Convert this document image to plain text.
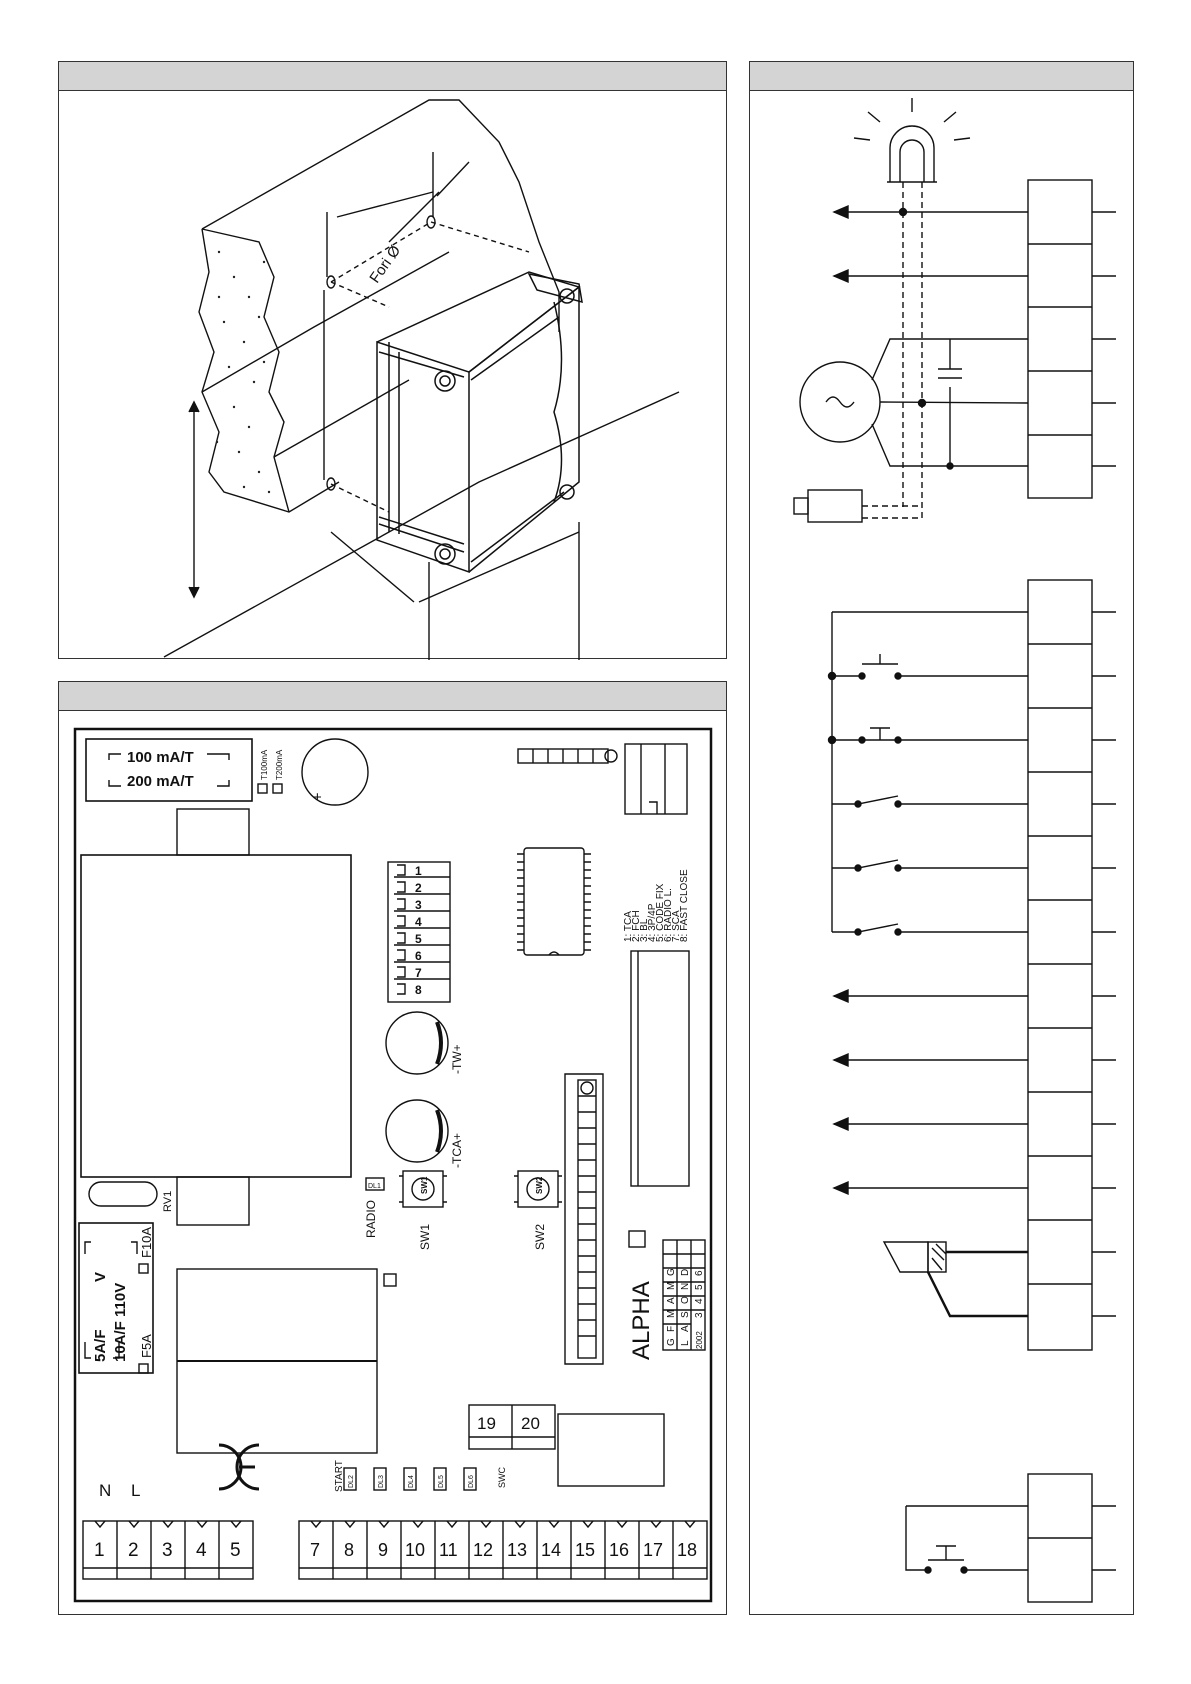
Fori Ø
100 mA/T
200 mA/T
T100mA T200mA
+
RV1
1
2
3
4
5
6
7
8
1: TCA
2: FCH
3: BL
4: 3P/4P
5: CODE FIX
6: RADIO L.
7: SCA
8: FAST CLOSE
-TW+
-TCA+
DL1
RADIO
SW1
SW1
SW2
SW2
ALPHA G
F
M
A
M
G
L
A
S
O
N
D
2002
3
4
5
6
5A/F
V
10A/F 110V
F10A
F5A
N L	START DL2	DL3	DL4	DL5	DL6 SWC
19 20
1 2 3 4 5	7 8 9 10 11 12 13 14 15 16 17 18
